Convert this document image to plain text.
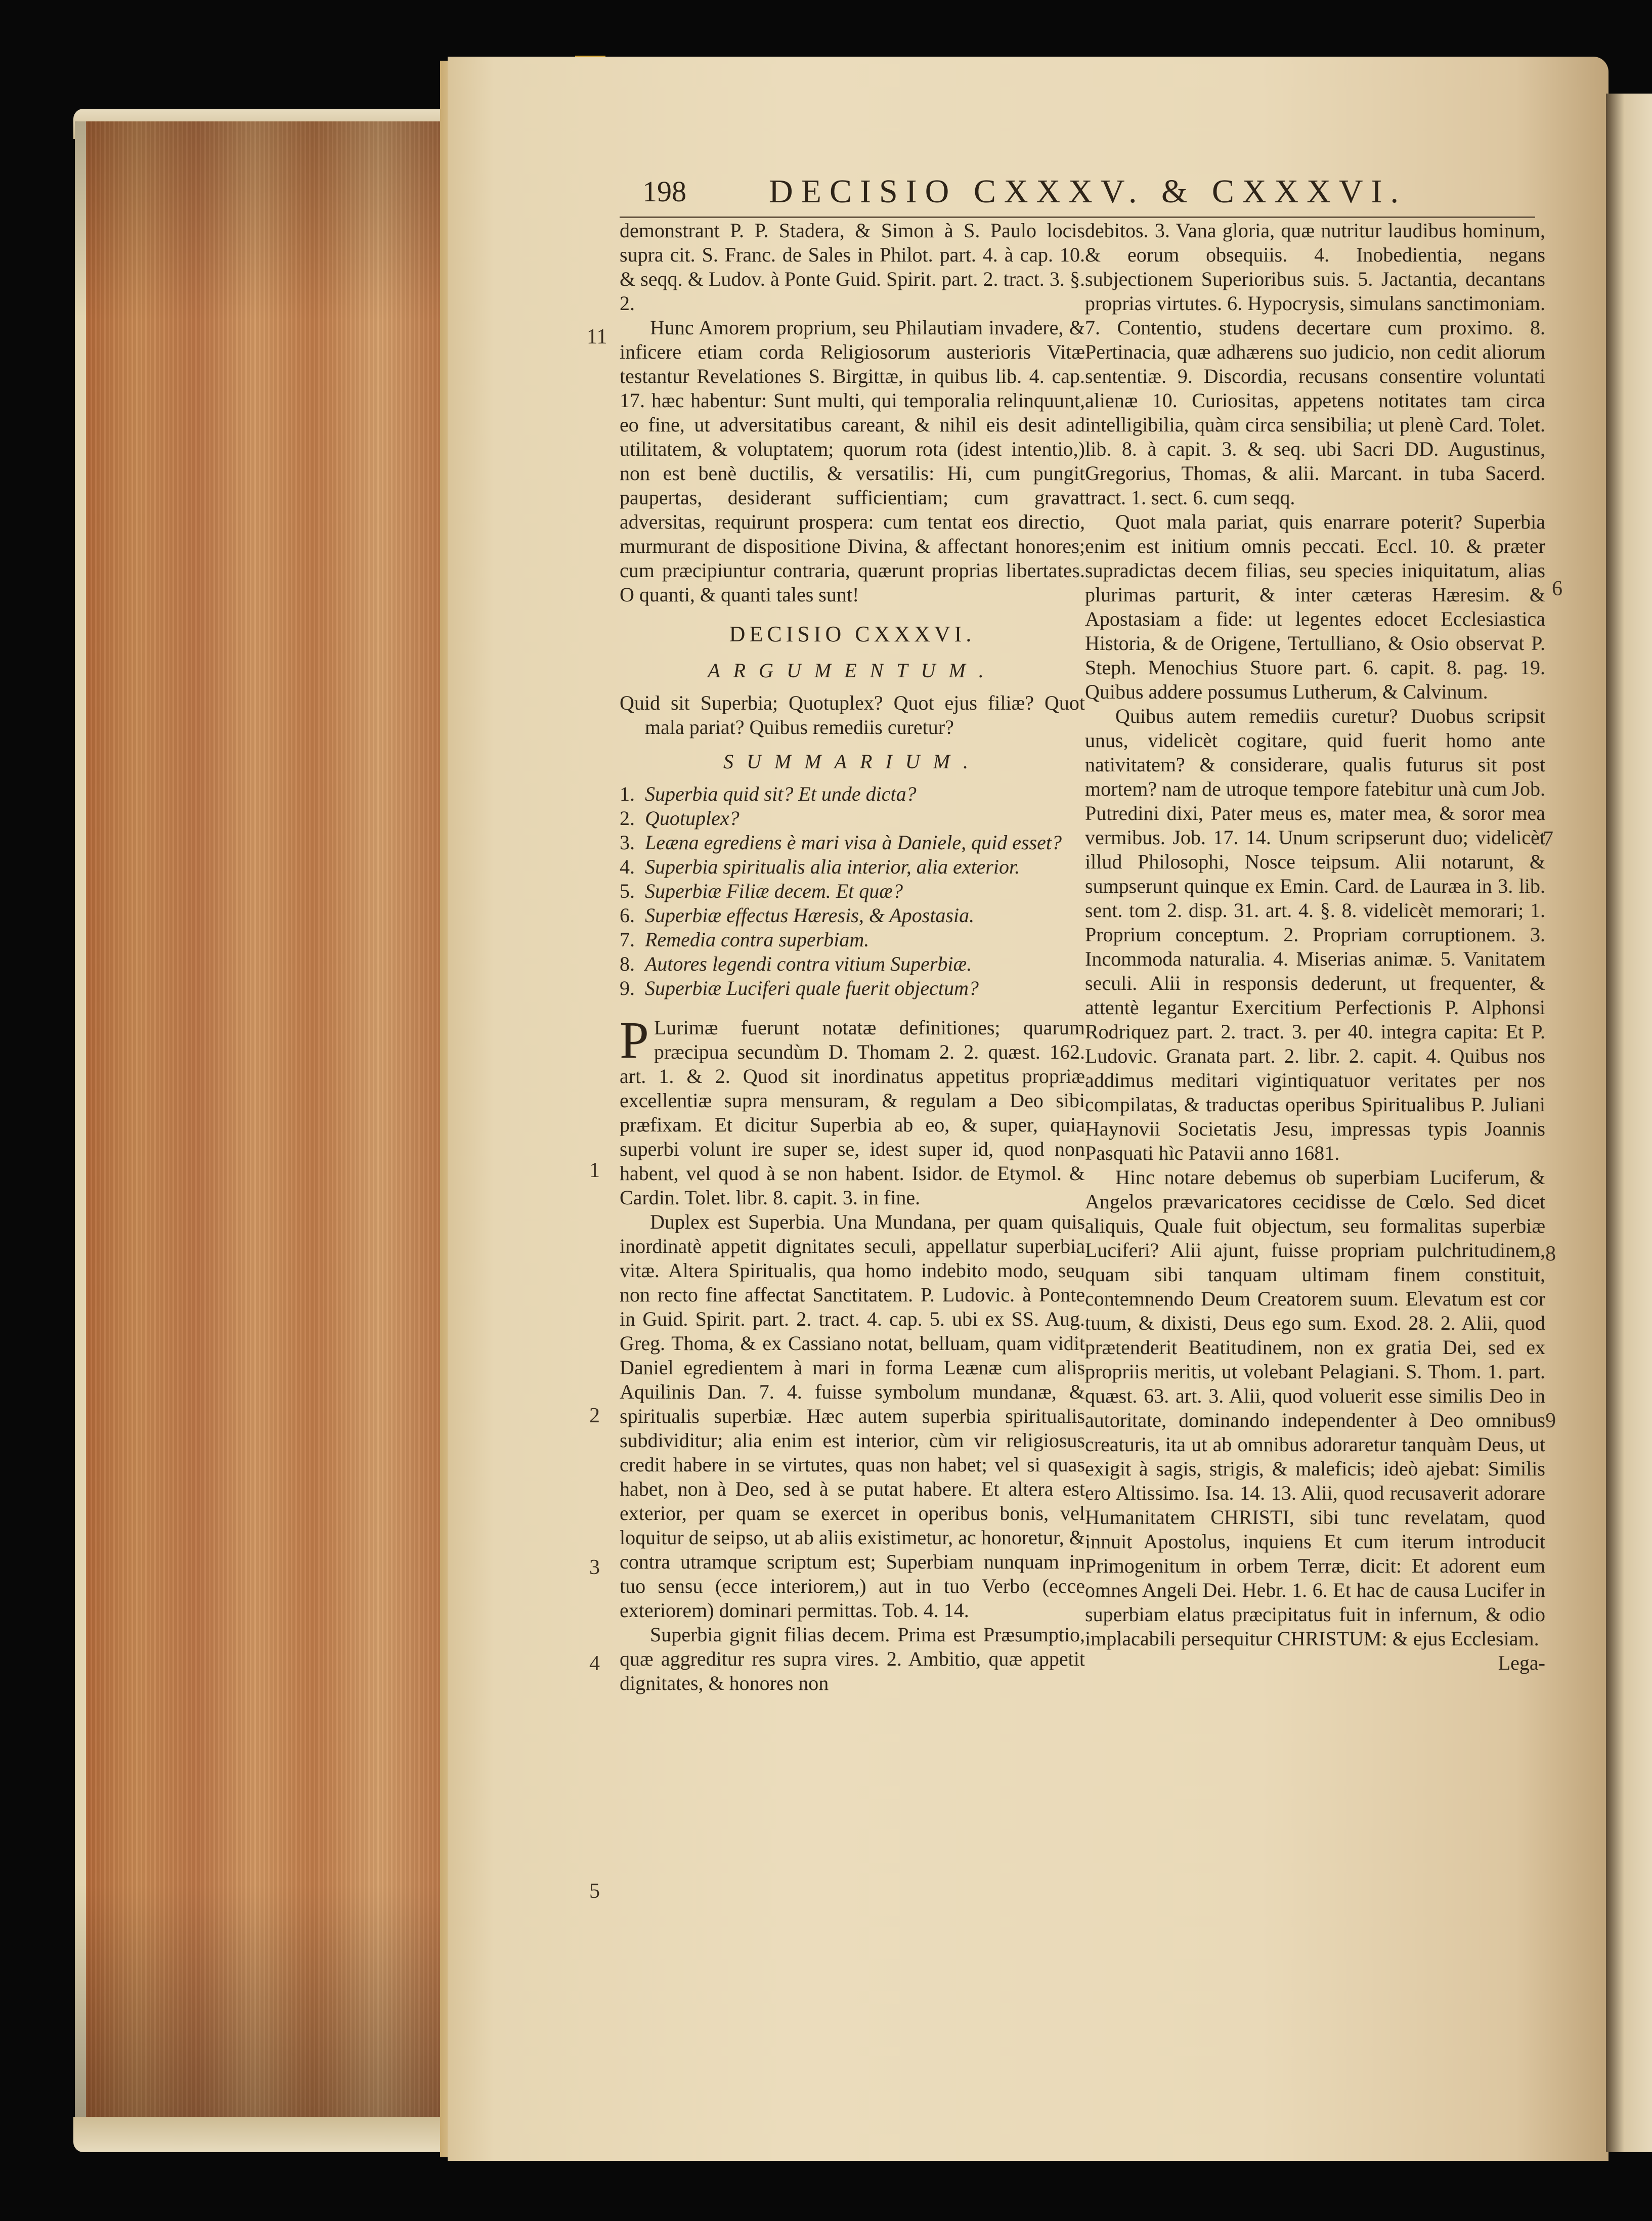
198 DECISIO CXXXV. & CXXXVI.

demonstrant P. P. Stadera, & Simon à S. Paulo locis supra cit. S. Franc. de Sales in Philot. part. 4. à cap. 10. & seqq. & Ludov. à Ponte Guid. Spirit. part. 2. tract. 3. §. 2.

Hunc Amorem proprium, seu Philautiam invadere, & inficere etiam corda Religiosorum austerioris Vitæ testantur Revelationes S. Birgittæ, in quibus lib. 4. cap. 17. hæc habentur: Sunt multi, qui temporalia relinquunt, eo fine, ut adversitatibus careant, & nihil eis desit ad utilitatem, & voluptatem; quorum rota (idest intentio,) non est benè ductilis, & versatilis: Hi, cum pungit paupertas, desiderant sufficientiam; cum gravat adversitas, requirunt prosperа: cum tentat eos directio, murmurant de dispositione Divina, & affectant honores; cum præcipiuntur contraria, quærunt proprias libertates. O quanti, & quanti tales sunt!

DECISIO CXXXVI.

ARGUMENTUM.

Quid sit Superbia; Quotuplex? Quot ejus filiæ? Quot mala pariat? Quibus remediis curetur?

SUMMARIUM.

1. Superbia quid sit? Et unde dicta?
2. Quotuplex?
3. Leæna egrediens è mari visa à Daniele, quid esset?
4. Superbia spiritualis alia interior, alia exterior.
5. Superbiæ Filiæ decem. Et quæ?
6. Superbiæ effectus Hæresis, & Apostasia.
7. Remedia contra superbiam.
8. Autores legendi contra vitium Superbiæ.
9. Superbiæ Luciferi quale fuerit objectum?

P Lurimæ fuerunt notatæ definitiones; quarum præcipua secundùm D. Thomam 2. 2. quæst. 162. art. 1. & 2. Quod sit inordinatus appetitus propriæ excellentiæ supra mensuram, & regulam a Deo sibi præfixam. Et dicitur Superbia ab eo, & super, quia superbi volunt ire super se, idest super id, quod non habent, vel quod à se non habent. Isidor. de Etymol. & Cardin. Tolet. libr. 8. capit. 3. in fine.

Duplex est Superbia. Una Mundana, per quam quis inordinatè appetit dignitates seculi, appellatur superbia vitæ. Altera Spiritualis, qua homo indebito modo, seu non recto fine affectat Sanctitatem. P. Ludovic. à Ponte in Guid. Spirit. part. 2. tract. 4. cap. 5. ubi ex SS. Aug. Greg. Thoma, & ex Cassiano notat, belluam, quam vidit Daniel egredientem à mari in forma Leænæ cum alis Aquilinis Dan. 7. 4. fuisse symbolum mundanæ, & spiritualis superbiæ. Hæc autem superbia spiritualis subdividitur; alia enim est interior, cùm vir religiosus credit habere in se virtutes, quas non habet; vel si quas habet, non à Deo, sed à se putat habere. Et altera est exterior, per quam se exercet in operibus bonis, vel loquitur de seipso, ut ab aliis existimetur, ac honoretur, & contra utramque scriptum est; Superbiam nunquam in tuo sensu (ecce interiorem,) aut in tuo Verbo (ecce exteriorem) dominari permittas. Tob. 4. 14.

Superbia gignit filias decem. Prima est Præsumptio, quæ aggreditur res supra vires. 2. Ambitio, quæ appetit dignitates, & honores non

debitos. 3. Vana gloria, quæ nutritur laudibus hominum, & eorum obsequiis. 4. Inobedientia, negans subjectionem Superioribus suis. 5. Jactantia, decantans proprias virtutes. 6. Hypocrysis, simulans sanctimoniam. 7. Contentio, studens decertare cum proximo. 8. Pertinacia, quæ adhærens suo judicio, non cedit aliorum sententiæ. 9. Discordia, recusans consentire voluntati alienæ 10. Curiositas, appetens notitates tam circa intelligibilia, quàm circa sensibilia; ut plenè Card. Tolet. lib. 8. à capit. 3. & seq. ubi Sacri DD. Augustinus, Gregorius, Thomas, & alii. Marcant. in tuba Sacerd. tract. 1. sect. 6. cum seqq.

Quot mala pariat, quis enarrare poterit? Superbia enim est initium omnis peccati. Eccl. 10. & præter supradictas decem filias, seu species iniquitatum, alias plurimas parturit, & inter cæteras Hæresim. & Apostasiam a fide: ut legentes edocet Ecclesiastica Historia, & de Origene, Tertulliano, & Osio observat P. Steph. Menochius Stuore part. 6. capit. 8. pag. 19. Quibus addere possumus Lutherum, & Calvinum.

Quibus autem remediis curetur? Duobus scripsit unus, videlicèt cogitare, quid fuerit homo ante nativitatem? & considerare, qualis futurus sit post mortem? nam de utroque tempore fatebitur unà cum Job. Putredini dixi, Pater meus es, mater mea, & soror mea vermibus. Job. 17. 14. Unum scripserunt duo; videlicèt illud Philosophi, Nosce teipsum. Alii notarunt, & sumpserunt quinque ex Emin. Card. de Lauræa in 3. lib. sent. tom 2. disp. 31. art. 4. §. 8. videlicèt memorari; 1. Proprium conceptum. 2. Propriam corruptionem. 3. Incommoda naturalia. 4. Miserias animæ. 5. Vanitatem seculi. Alii in responsis dederunt, ut frequenter, & attentè legantur Exercitium Perfectionis P. Alphonsi Rodriquez part. 2. tract. 3. per 40. integra capita: Et P. Ludovic. Granata part. 2. libr. 2. capit. 4. Quibus nos addimus meditari vigintiquatuor veritates per nos compilatas, & traductas operibus Spiritualibus P. Juliani Haynovii Societatis Jesu, impressas typis Joannis Pasquati hìc Patavii anno 1681.

Hinc notare debemus ob superbiam Luciferum, & Angelos prævaricatores cecidisse de Cœlo. Sed dicet aliquis, Quale fuit objectum, seu formalitas superbiæ Luciferi? Alii ajunt, fuisse propriam pulchritudinem, quam sibi tanquam ultimam finem constituit, contemnendo Deum Creatorem suum. Elevatum est cor tuum, & dixisti, Deus ego sum. Exod. 28. 2. Alii, quod prætenderit Beatitudinem, non ex gratia Dei, sed ex propriis meritis, ut volebant Pelagiani. S. Thom. 1. part. quæst. 63. art. 3. Alii, quod voluerit esse similis Deo in autoritate, dominando independenter à Deo omnibus creaturis, ita ut ab omnibus adoraretur tanquàm Deus, ut exigit à sagis, strigis, & maleficis; ideò ajebat: Similis ero Altissimo. Isa. 14. 13. Alii, quod recusaverit adorare Humanitatem CHRISTI, sibi tunc revelatam, quod innuit Apostolus, inquiens Et cum iterum introducit Primogenitum in orbem Terræ, dicit: Et adorent eum omnes Angeli Dei. Hebr. 1. 6. Et hac de causa Lucifer in superbiam elatus præcipitatus fuit in infernum, & odio implacabili persequitur CHRISTUM: & ejus Ecclesiam.

Lega-

11
1
2
3
4
5
6
7
8
9
